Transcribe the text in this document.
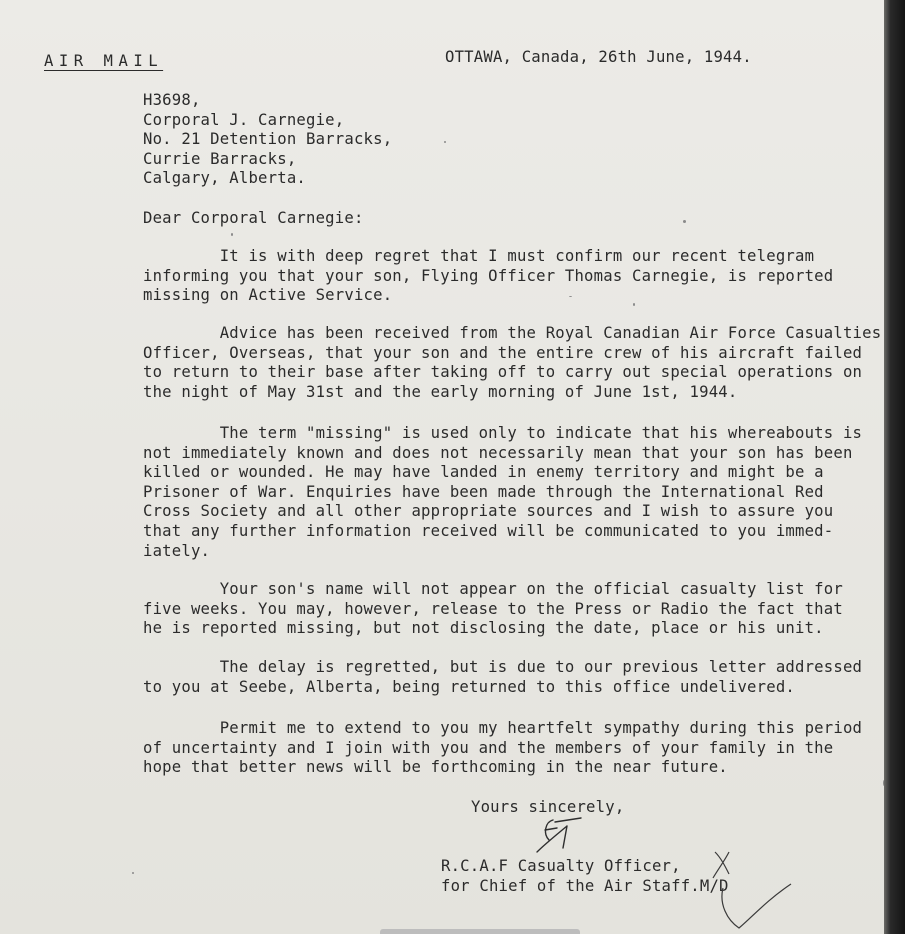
AIR MAIL	OTTAWA, Canada, 26th June, 1944.
H3698,
Corporal J. Carnegie,
No. 21 Detention Barracks,
Currie Barracks,
Calgary, Alberta.
Dear Corporal Carnegie:
It is with deep regret that I must confirm our recent telegram
informing you that your son, Flying Officer Thomas Carnegie, is reported
missing on Active Service.
Advice has been received from the Royal Canadian Air Force Casualties
Officer, Overseas, that your son and the entire crew of his aircraft failed
to return to their base after taking off to carry out special operations on
the night of May 31st and the early morning of June 1st, 1944.
The term "missing" is used only to indicate that his whereabouts is
not immediately known and does not necessarily mean that your son has been
killed or wounded. He may have landed in enemy territory and might be a
Prisoner of War. Enquiries have been made through the International Red
Cross Society and all other appropriate sources and I wish to assure you
that any further information received will be communicated to you immed-
iately.
Your son's name will not appear on the official casualty list for
five weeks. You may, however, release to the Press or Radio the fact that
he is reported missing, but not disclosing the date, place or his unit.
The delay is regretted, but is due to our previous letter addressed
to you at Seebe, Alberta, being returned to this office undelivered.
Permit me to extend to you my heartfelt sympathy during this period
of uncertainty and I join with you and the members of your family in the
hope that better news will be forthcoming in the near future.
Yours sincerely,
R.C.A.F Casualty Officer,
for Chief of the Air Staff.M/D
